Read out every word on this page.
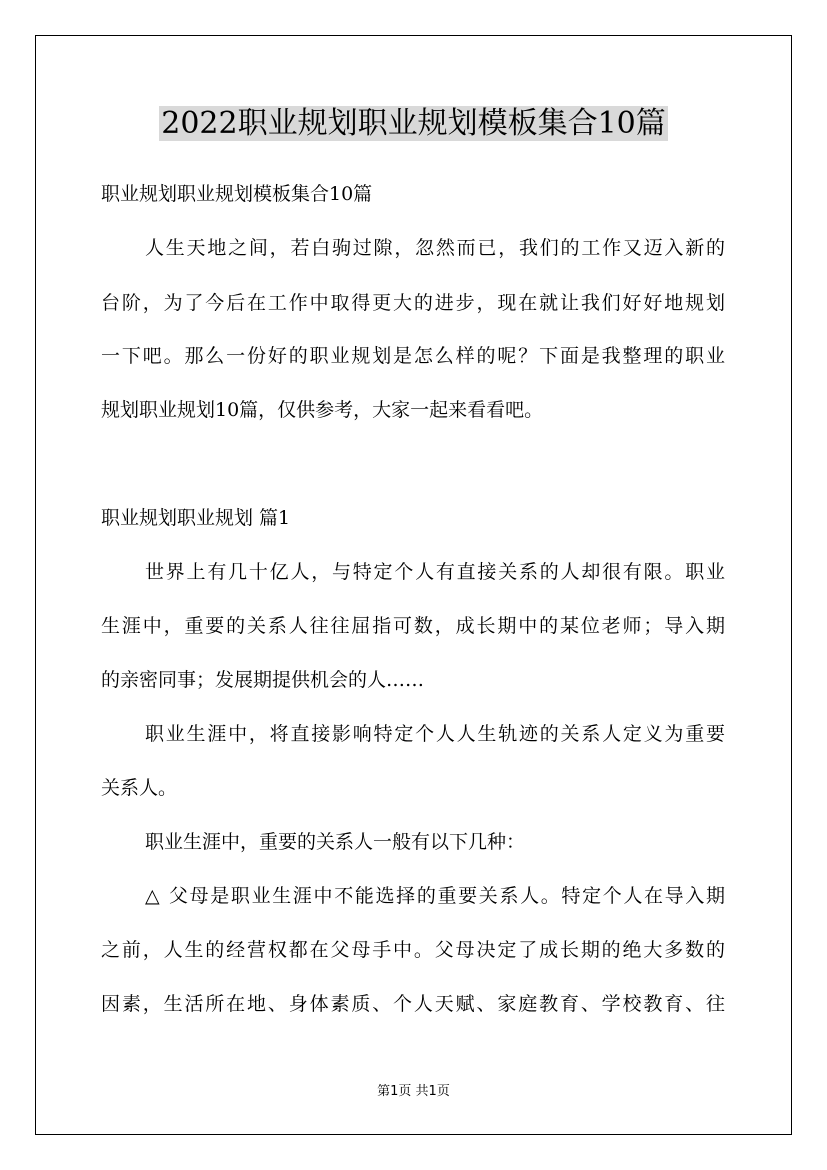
2022职业规划职业规划模板集合10篇

职业规划职业规划模板集合10篇

人生天地之间，若白驹过隙，忽然而已，我们的工作又迈入新的

台阶，为了今后在工作中取得更大的进步，现在就让我们好好地规划

一下吧。那么一份好的职业规划是怎么样的呢？下面是我整理的职业

规划职业规划10篇，仅供参考，大家一起来看看吧。

职业规划职业规划 篇1

世界上有几十亿人，与特定个人有直接关系的人却很有限。职业

生涯中，重要的关系人往往屈指可数，成长期中的某位老师；导入期

的亲密同事；发展期提供机会的人……

职业生涯中，将直接影响特定个人人生轨迹的关系人定义为重要

关系人。

职业生涯中，重要的关系人一般有以下几种：

△ 父母是职业生涯中不能选择的重要关系人。特定个人在导入期

之前，人生的经营权都在父母手中。父母决定了成长期的绝大多数的

因素，生活所在地、身体素质、个人天赋、家庭教育、学校教育、往

第1页 共1页
